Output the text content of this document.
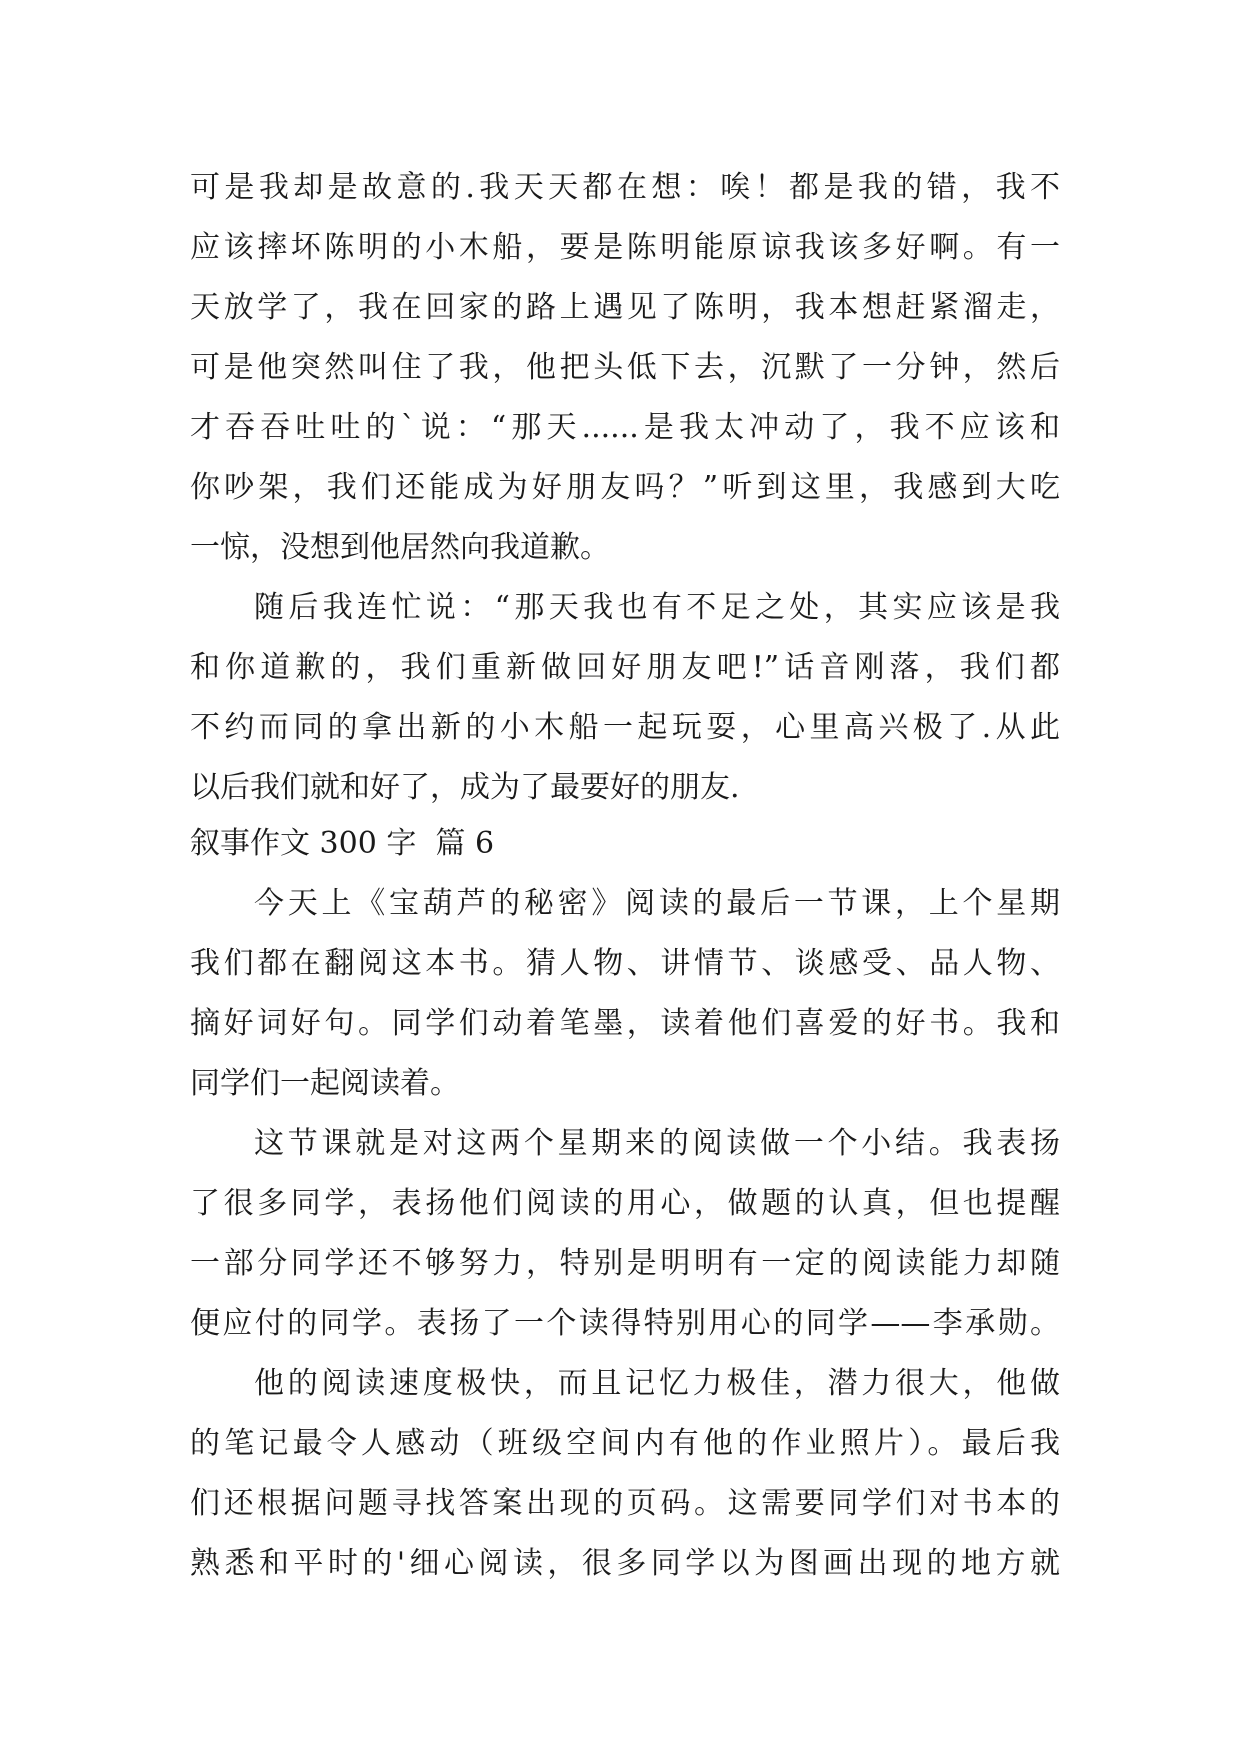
可是我却是故意的.我天天都在想：唉！都是我的错，我不

应该摔坏陈明的小木船，要是陈明能原谅我该多好啊。有一

天放学了，我在回家的路上遇见了陈明，我本想赶紧溜走，

可是他突然叫住了我，他把头低下去，沉默了一分钟，然后

才吞吞吐吐的`说：“那天......是我太冲动了，我不应该和

你吵架，我们还能成为好朋友吗？”听到这里，我感到大吃

一惊，没想到他居然向我道歉。

随后我连忙说：“那天我也有不足之处，其实应该是我

和你道歉的，我们重新做回好朋友吧!”话音刚落，我们都

不约而同的拿出新的小木船一起玩耍，心里高兴极了.从此

以后我们就和好了，成为了最要好的朋友.

叙事作文 300 字  篇 6

今天上《宝葫芦的秘密》阅读的最后一节课，上个星期

我们都在翻阅这本书。猜人物、讲情节、谈感受、品人物、

摘好词好句。同学们动着笔墨，读着他们喜爱的好书。我和

同学们一起阅读着。

这节课就是对这两个星期来的阅读做一个小结。我表扬

了很多同学，表扬他们阅读的用心，做题的认真，但也提醒

一部分同学还不够努力，特别是明明有一定的阅读能力却随

便应付的同学。表扬了一个读得特别用心的同学——李承勋。

他的阅读速度极快，而且记忆力极佳，潜力很大，他做

的笔记最令人感动（班级空间内有他的作业照片）。最后我

们还根据问题寻找答案出现的页码。这需要同学们对书本的

熟悉和平时的'细心阅读，很多同学以为图画出现的地方就
